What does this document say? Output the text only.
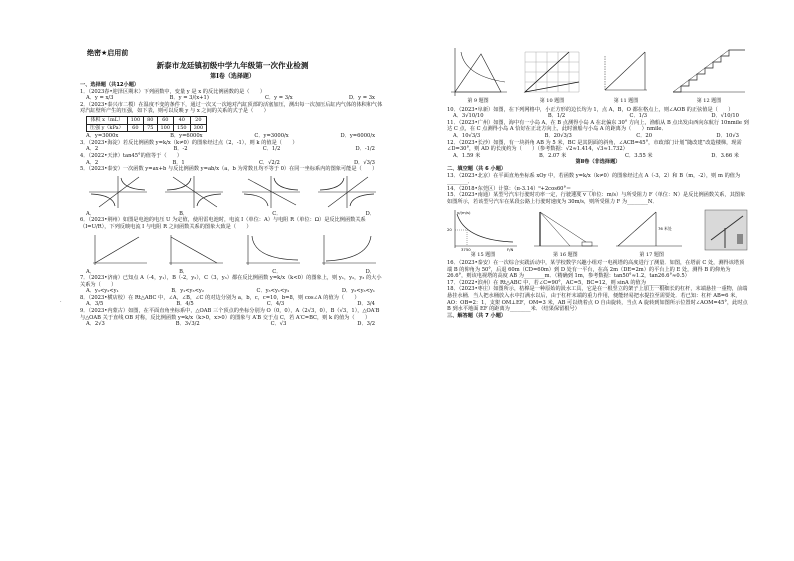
绝密★启用前
新泰市龙廷镇初级中学九年级第一次作业检测
第Ⅰ卷（选择题）
·
一、选择题（共12小题）

1．（2023春•迎泽区期末）下列函数中，变量 y 是 x 的反比例函数的是（　　）

A．y = x/3	B．y = 3/(x+1)	C．y = 3/x	D．y = 3x

2．（2023•泰兴市二模）在温度不变的条件下，通过一次又一次地对汽缸顶部的活塞加压，测出每一次加压后缸内气体的体积和气体对汽缸壁所产生的压强，如下表，则可以反映 y 与 x 之间的关系的式子是（　　）

体积 x（mL）	100	80	60	40	20
压强 y（kPa）	60	75	100	150	300
A．y=3000x	B．y=6000x	C．y=3000/x	D．y=6000/x

3．（2023•海淀）若反比例函数 y=k/x（k≠0）的图象经过点（2，-1），则 k 的值是（　　）

A．2	B．-2	C．1/2	D．-1/2

4．（2022•天津）tan45°的值等于（　　）

A．2	B．1	C．√2/2	D．√3/3

5．（2023•泰安）一次函数 y=ax+b 与反比例函数 y=ab/x（a，b 为常数且均不等于 0）在同一坐标系内的图象可能是（　　）

A．	B．	C．	D．

6．（2023•荆州）如图是电池的电压 U 为定值，使用雷电池时，电流 I（单位：A）与电阻 R（单位：Ω）是反比例函数关系（I=U/R），下列反映电流 I 与电阻 R 之间函数关系的图象大致是（　　）

A．	B．	C．	D．

7．（2023•济南）已知点 A（-4，y₁），B（-2，y₂），C（3，y₃）都在反比例函数 y=k/x（k<0）的图象上，则 y₁，y₂，y₃ 的大小关系为（　　）

A．y₃<y₂<y₁	B．y₁<y₃<y₂	C．y₃<y₁<y₂	D．y₂<y₃<y₁

8．（2023•横店校）在 Rt△ABC 中，∠A，∠B，∠C 的对边分别为 a，b，c，c=10，b=8，则 cos∠A 的值为（　　）

A．3/5	B．4/5	C．4/3	D．3/4

9．（2023•内蒙古）如图，在平面直角坐标系中，△OAB 三个顶点的坐标分别为 O（0，0），A（2√3，0），B（√3，1），△OA′B 与△OAB 关于直线 OB 对称，反比例函数 y=k/x（k>0，x>0）的图象与 A′B 交于点 C，若 A′C=BC，则 k 的值为（　　）

A．2√3	B．3√3/2	C．√3	D．3/2
第 9 题图	第 10 题图	第 11 题图	第 12 题图

10．（2023•阜新）如图，在下列网格中，小正方形的边长均为 1，点 A，B，O 都在格点上，则∠AOB 的正弦值是（　　）

A．3√10/10	B．1/2	C．1/3	D．√10/10

11．（2023•广州）如图，海中有一小岛 A，在 B 点测得小岛 A 在北偏东 30° 方向上，渔船从 B 点出发由西向东航行 10nmile 到达 C 点，在 C 点测得小岛 A 恰好在正北方向上，此时渔船与小岛 A 的距离为（　　）nmile．

A．10√3/3	B．20√3/3	C．20	D．10√3

12．（2023•长沙）如图，有一块斜角 AB 为 5 米，BC 是其阴面的斜角，∠ACB=45°，市政部门计划“随改建”改造楼梯，现需 ∠D=30°，则 AD 的长度约为（　　）（参考数据：√2≈1.414，√3≈1.732）

A．1.59 米	B．2.07 米	C．3.55 米	D．3.66 米
第Ⅱ卷（非选择题）
二、填空题（共 6 小题）

13．（2023•北京）在平面直角坐标系 xOy 中，若函数 y=k/x（k≠0）的图象经过点 A（-3，2）和 B（m，-2），则 m 的值为________．

14．（2018•东莞区）计算：（π-3.14）⁰+2cos60°＝________．

15．（2023•南通）某型号汽车行驶时功率一定，行驶速度 v（单位：m/s）与所受阻力 F（单位：N）是反比例函数关系，其图象如图所示，若该型号汽车在某段公路上行驶时速度为 30m/s，则所受阻力 F 为________N．

v/(m/s)
F/N
3750
20
第 15 题图	第 16 题图
76 米处
第 17 题图

16．（2023•泰安）在一次综合实践活动中，某学校数学兴趣小组对一电视塔的高度进行了测量．如图，在塔前 C 处，测得该塔顶端 B 的仰角为 50°，后退 60m（CD=60m）到 D 处有一平台，在高 2m（DE=2m）的平台上的 E 处，测得 B 的仰角为 26.6°，则该电视塔的高度 AB 为________m．（精确到 1m，参考数据：tan50°≈1.2，tan26.6°≈0.5）

17．（2022•滨州）在 Rt△ABC 中，若∠C=90°，AC=5，BC=12，则 sinA 的值为________．

18．（2023•枣庄）如图所示，桔槔是一种原始的汲水工具，它是在一根竖立的架子上加上一根细长的杠杆，末端悬挂一重物，前端悬挂水桶．当人把水桶放入水中打满水以后，由于杠杆末端的重力作用，便能轻易把水提拉至需要处．若已知：杠杆 AB=6 米，AO：OB=2：1，支架 OM⊥EF，OM=3 米，AB 可以绕着点 O 自由旋转，当点 A 旋转到如图所示位置时∠AOM=45°，此时点 B 到水平地面 EF 的距离为________米．（结果保留根号）

三、解答题（共 7 小题）
